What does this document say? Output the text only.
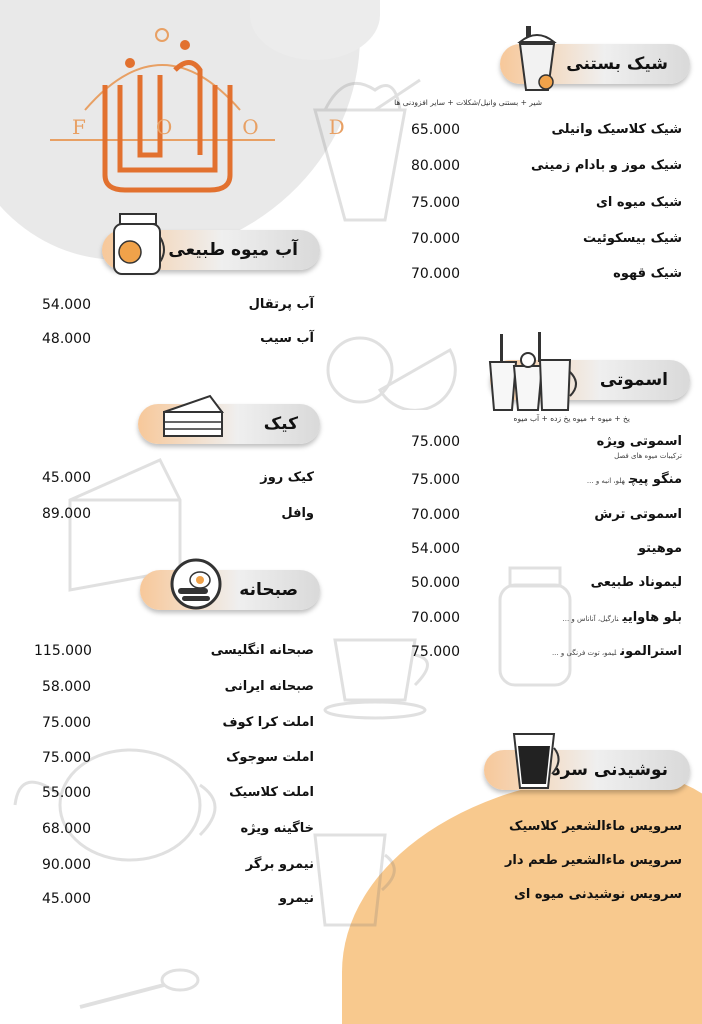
FOOD
شیک بستنی
شیر + بستنی وانیل/شکلات + سایر افزودنی ها
شیک کلاسیک وانیلی
65.000
شیک موز و بادام زمینی
80.000
شیک میوه ای
75.000
شیک بیسکوئیت
70.000
شیک قهوه
70.000
آب میوه طبیعی
آب پرتقال
54.000
آب سیب
48.000
اسموتی
یخ + میوه + میوه یخ زده + آب میوه
اسموتی ویژه
ترکیبات میوه های فصل
75.000
منگو پیچهلو، انبه و ...
75.000
اسموتی ترش
70.000
موهیتو
54.000
لیموناد طبیعی
50.000
بلو هاوایینارگیل، آناناس و ...
70.000
استرالمونلیمو، توت فرنگی و ...
75.000
کیک
کیک روز
45.000
وافل
89.000
صبحانه
صبحانه انگلیسی
115.000
صبحانه ایرانی
58.000
املت کرا کوف
75.000
املت سوجوک
75.000
املت کلاسیک
55.000
خاگینه ویژه
68.000
نیمرو برگر
90.000
نیمرو
45.000
نوشیدنی سرد
سرویس ماءالشعیر کلاسیک
سرویس ماءالشعیر طعم دار
سرویس نوشیدنی میوه ای
